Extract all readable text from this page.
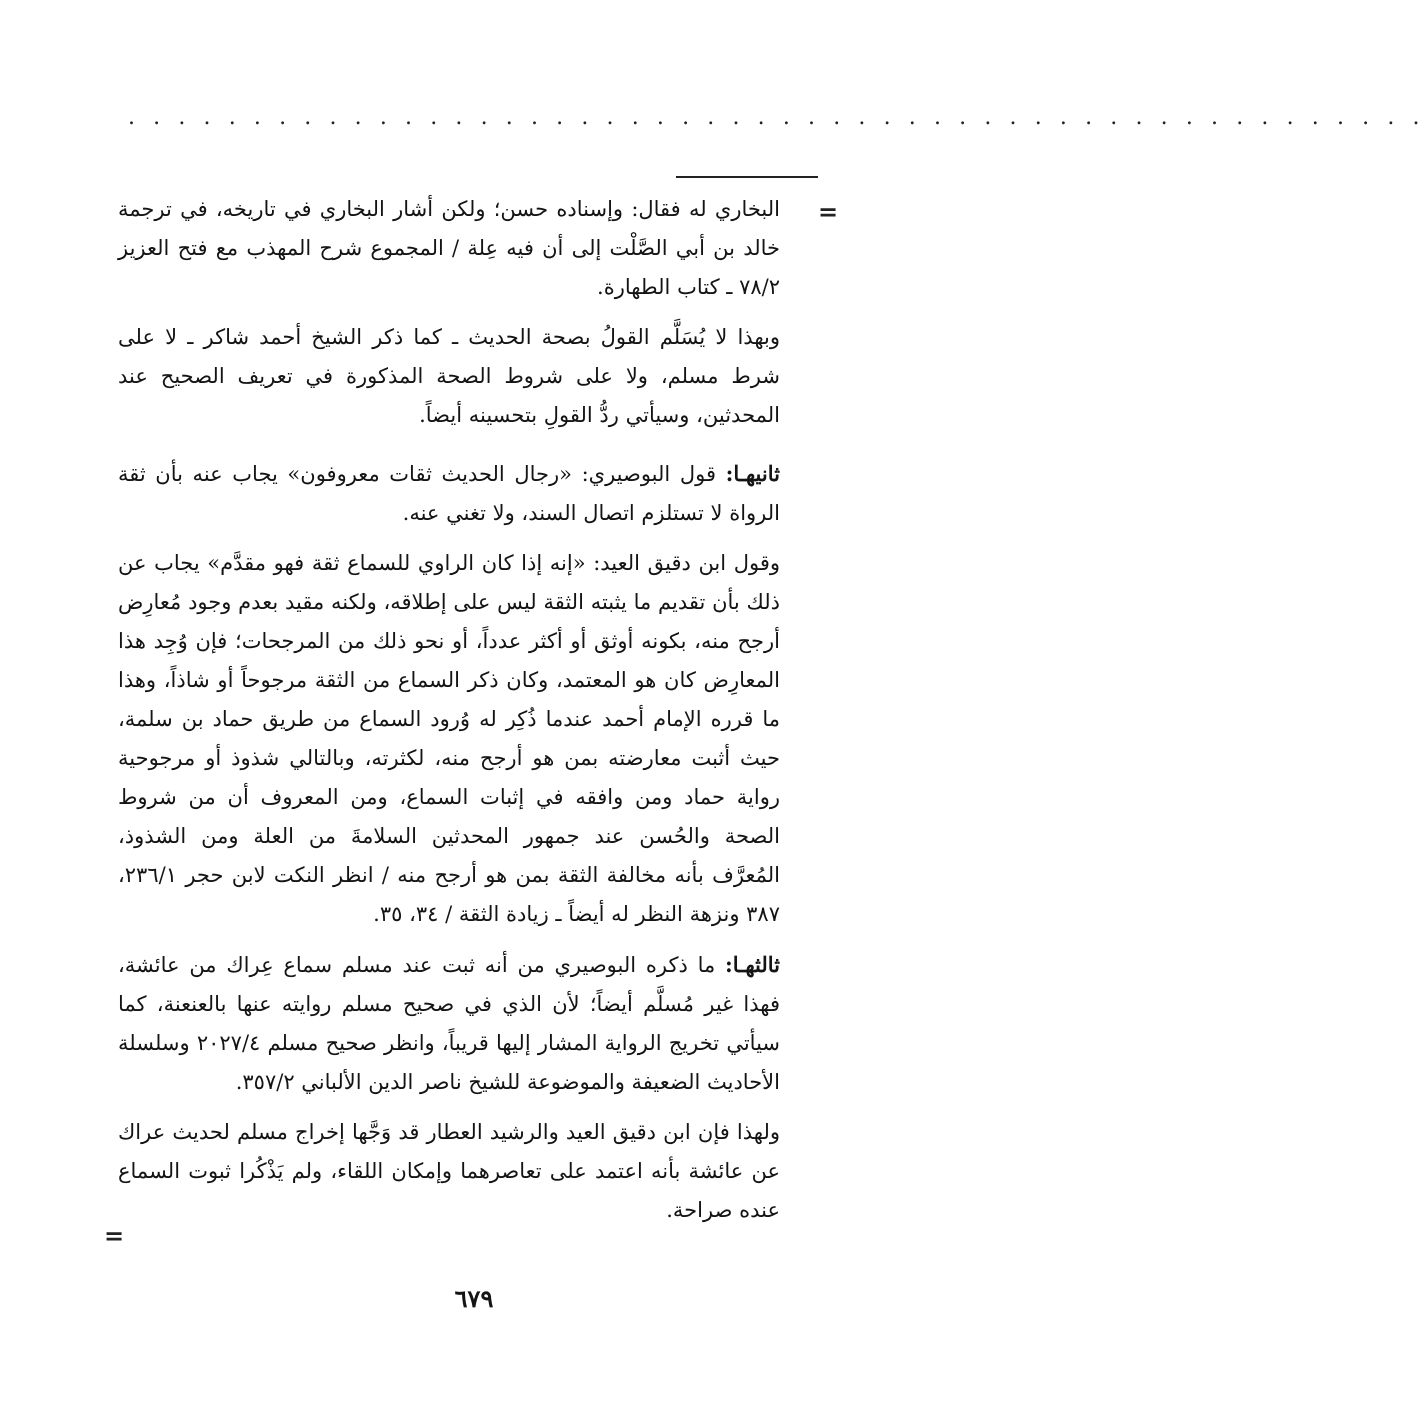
. . . . . . . . . . . . . . . . . . . . . . . . . . . . . . . . . . . . . . . . . . . . . . . . . . . .
=

البخاري له فقال: وإسناده حسن؛ ولكن أشار البخاري في تاريخه، في ترجمة خالد بن أبي الصَّلْت إلى أن فيه عِلة / المجموع شرح المهذب مع فتح العزيز ٧٨/٢ ـ كتاب الطهارة.

وبهذا لا يُسَلَّم القولُ بصحة الحديث ـ كما ذكر الشيخ أحمد شاكر ـ لا على شرط مسلم، ولا على شروط الصحة المذكورة في تعريف الصحيح عند المحدثين، وسيأتي ردُّ القولِ بتحسينه أيضاً.

ثانيهـا: قول البوصيري: «رجال الحديث ثقات معروفون» يجاب عنه بأن ثقة الرواة لا تستلزم اتصال السند، ولا تغني عنه.

وقول ابن دقيق العيد: «إنه إذا كان الراوي للسماع ثقة فهو مقدَّم» يجاب عن ذلك بأن تقديم ما يثبته الثقة ليس على إطلاقه، ولكنه مقيد بعدم وجود مُعارِض أرجح منه، بكونه أوثق أو أكثر عدداً، أو نحو ذلك من المرجحات؛ فإن وُجِد هذا المعارِض كان هو المعتمد، وكان ذكر السماع من الثقة مرجوحاً أو شاذاً، وهذا ما قرره الإمام أحمد عندما ذُكِر له وُرود السماع من طريق حماد بن سلمة، حيث أثبت معارضته بمن هو أرجح منه، لكثرته، وبالتالي شذوذ أو مرجوحية رواية حماد ومن وافقه في إثبات السماع، ومن المعروف أن من شروط الصحة والحُسن عند جمهور المحدثين السلامةَ من العلة ومن الشذوذ، المُعرَّف بأنه مخالفة الثقة بمن هو أرجح منه / انظر النكت لابن حجر ٢٣٦/١، ٣٨٧ ونزهة النظر له أيضاً ـ زيادة الثقة / ٣٤، ٣٥.

ثالثهـا: ما ذكره البوصيري من أنه ثبت عند مسلم سماع عِراك من عائشة، فهذا غير مُسلَّم أيضاً؛ لأن الذي في صحيح مسلم روايته عنها بالعنعنة، كما سيأتي تخريج الرواية المشار إليها قريباً، وانظر صحيح مسلم ٢٠٢٧/٤ وسلسلة الأحاديث الضعيفة والموضوعة للشيخ ناصر الدين الألباني ٣٥٧/٢.

ولهذا فإن ابن دقيق العيد والرشيد العطار قد وَجَّها إخراج مسلم لحديث عراك عن عائشة بأنه اعتمد على تعاصرهما وإمكان اللقاء، ولم يَذْكُرا ثبوت السماع عنده صراحة.

=
٦٧٩
